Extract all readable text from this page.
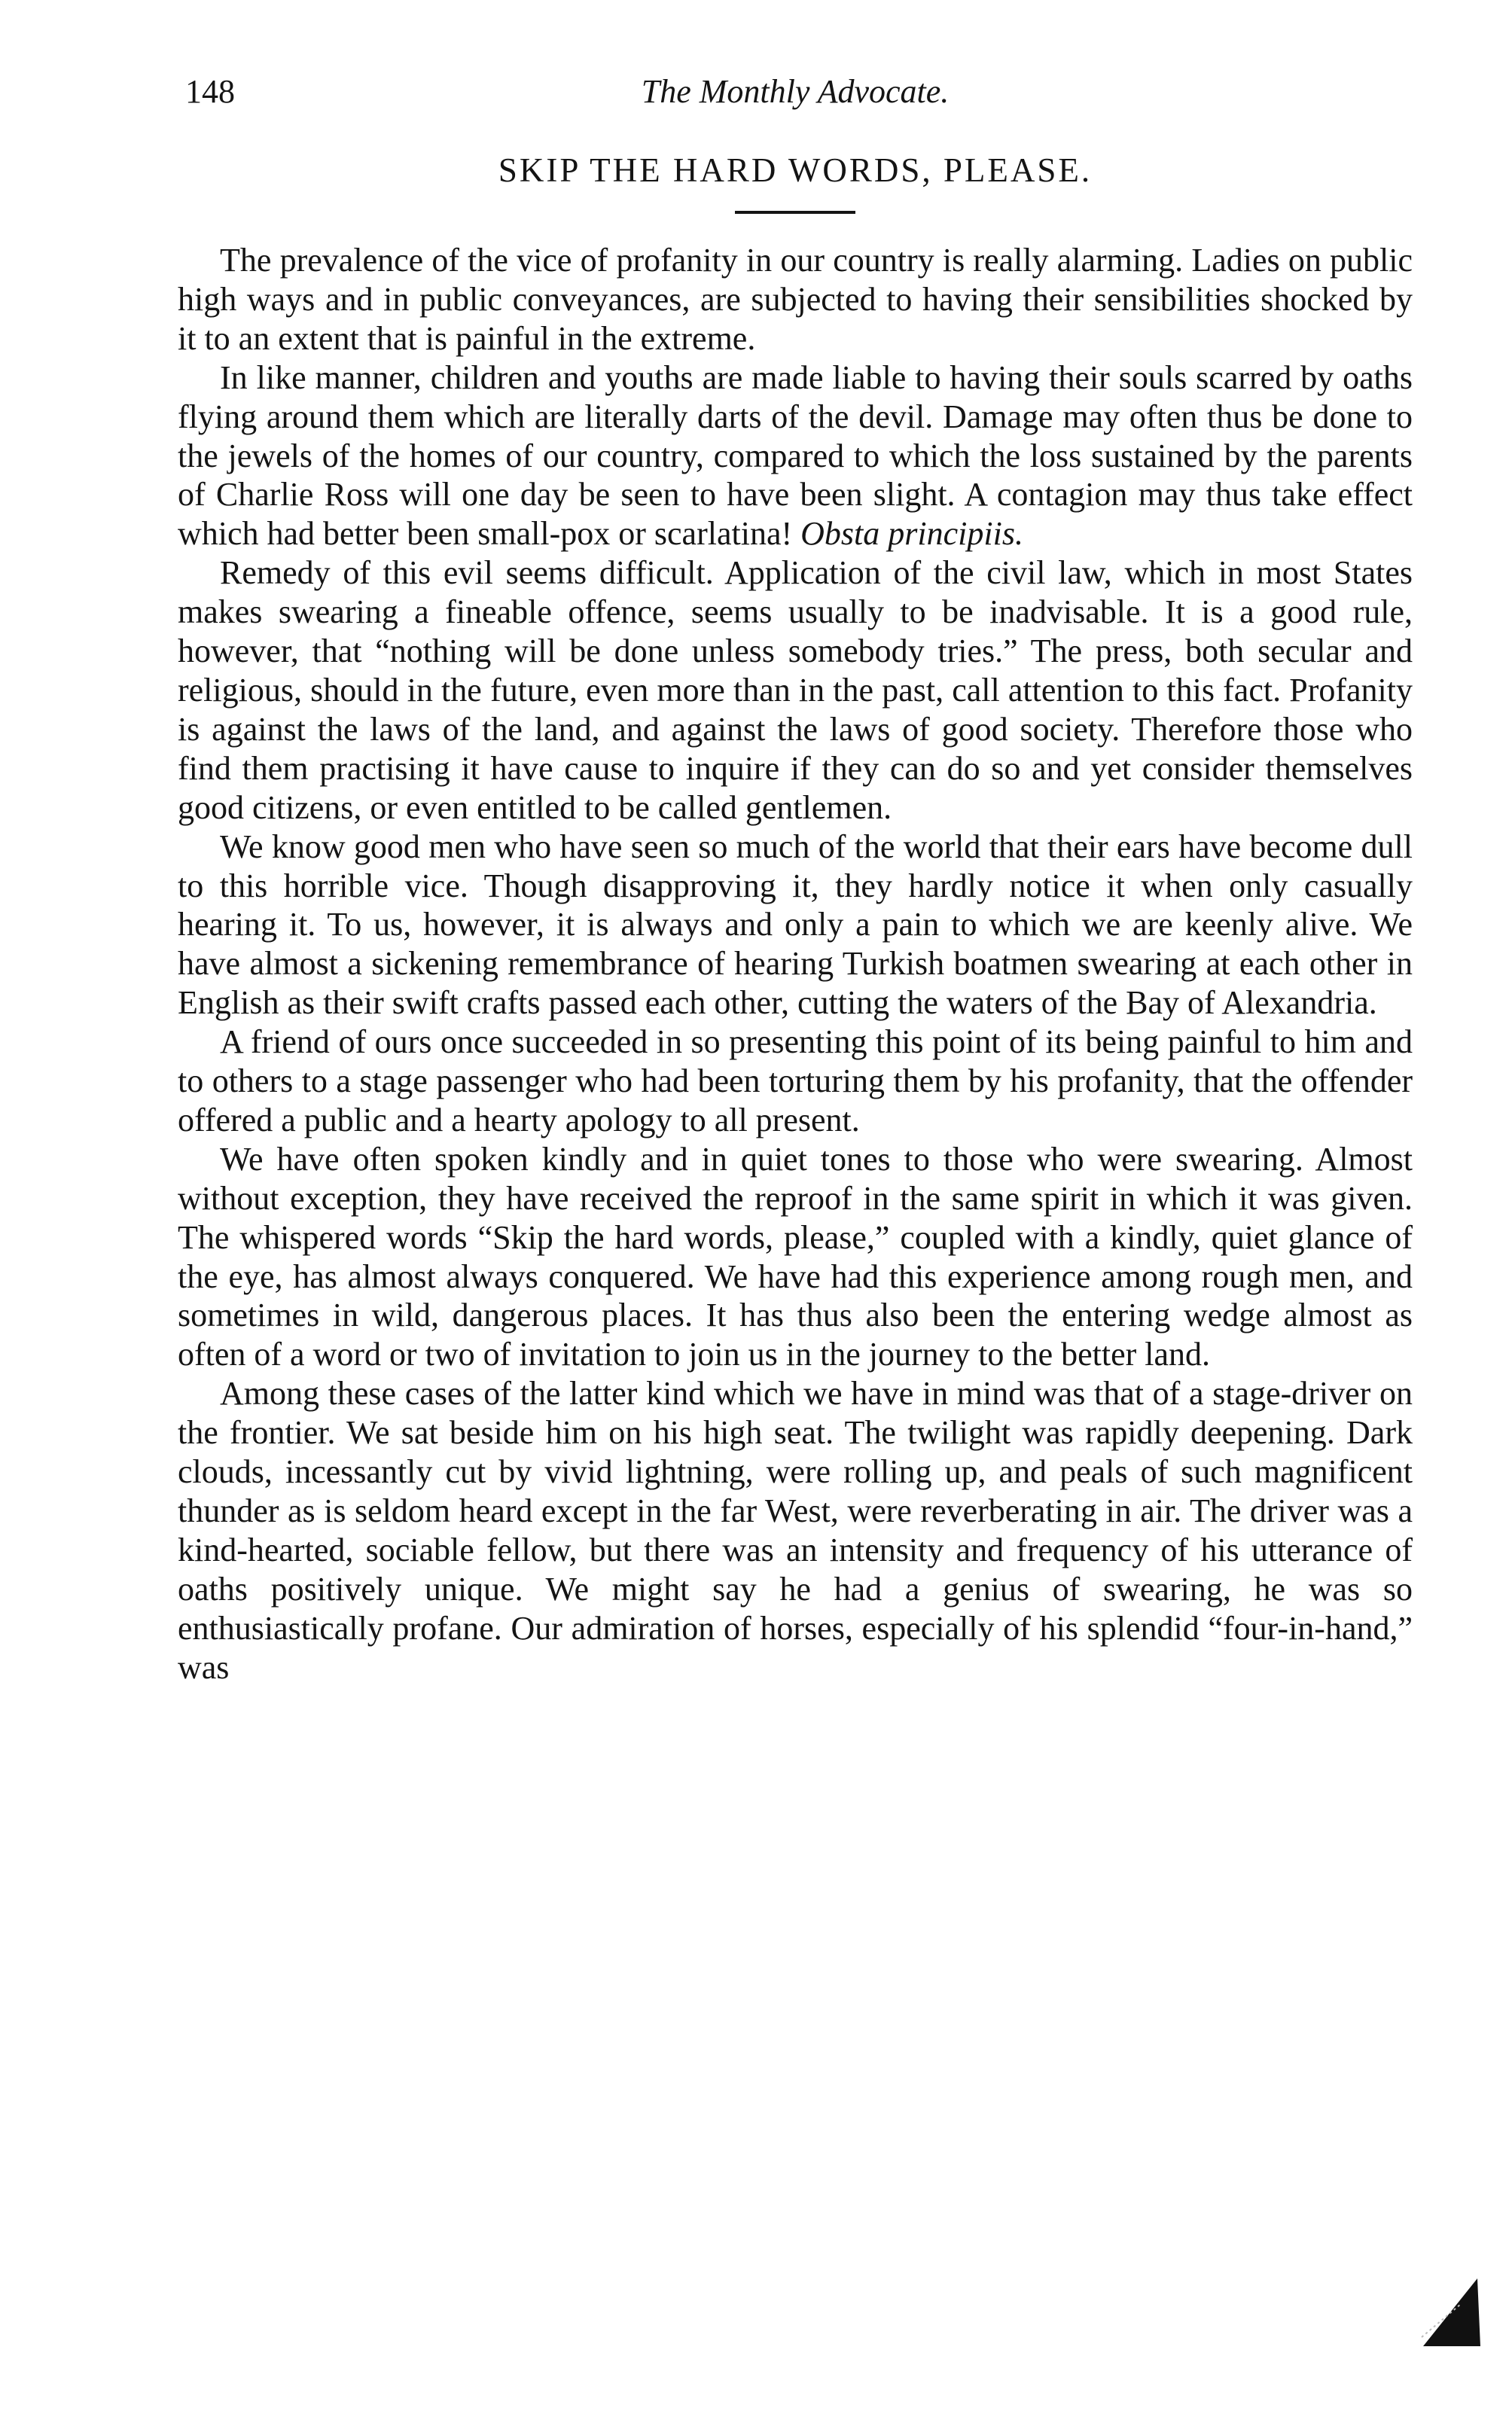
148	The Monthly Advocate.
SKIP THE HARD WORDS, PLEASE.

The prevalence of the vice of profanity in our country is really alarming. Ladies on public high ways and in public conveyances, are subjected to having their sensibilities shocked by it to an extent that is painful in the extreme.

In like manner, children and youths are made liable to having their souls scarred by oaths flying around them which are literally darts of the devil. Damage may often thus be done to the jewels of the homes of our country, compared to which the loss sustained by the parents of Charlie Ross will one day be seen to have been slight. A contagion may thus take effect which had better been small-pox or scarlatina! Obsta principiis.

Remedy of this evil seems difficult. Application of the civil law, which in most States makes swearing a fineable offence, seems usually to be inadvisable. It is a good rule, however, that “nothing will be done unless somebody tries.” The press, both secular and religious, should in the future, even more than in the past, call attention to this fact. Profanity is against the laws of the land, and against the laws of good society. Therefore those who find them practising it have cause to inquire if they can do so and yet consider themselves good citizens, or even entitled to be called gentlemen.

We know good men who have seen so much of the world that their ears have become dull to this horrible vice. Though disapproving it, they hardly notice it when only casually hearing it. To us, however, it is always and only a pain to which we are keenly alive. We have almost a sickening remembrance of hearing Turkish boatmen swearing at each other in English as their swift crafts passed each other, cutting the waters of the Bay of Alexandria.

A friend of ours once succeeded in so presenting this point of its being painful to him and to others to a stage passenger who had been torturing them by his profanity, that the offender offered a public and a hearty apology to all present.

We have often spoken kindly and in quiet tones to those who were swearing. Almost without exception, they have received the reproof in the same spirit in which it was given. The whispered words “Skip the hard words, please,” coupled with a kindly, quiet glance of the eye, has almost always conquered. We have had this experience among rough men, and sometimes in wild, dangerous places. It has thus also been the entering wedge almost as often of a word or two of invitation to join us in the journey to the better land.

Among these cases of the latter kind which we have in mind was that of a stage-driver on the frontier. We sat beside him on his high seat. The twilight was rapidly deepening. Dark clouds, incessantly cut by vivid lightning, were rolling up, and peals of such magnificent thunder as is seldom heard except in the far West, were reverberating in air. The driver was a kind-hearted, sociable fellow, but there was an intensity and frequency of his utterance of oaths positively unique. We might say he had a genius of swearing, he was so enthusiastically profane. Our admiration of horses, especially of his splendid “four-in-hand,” was
